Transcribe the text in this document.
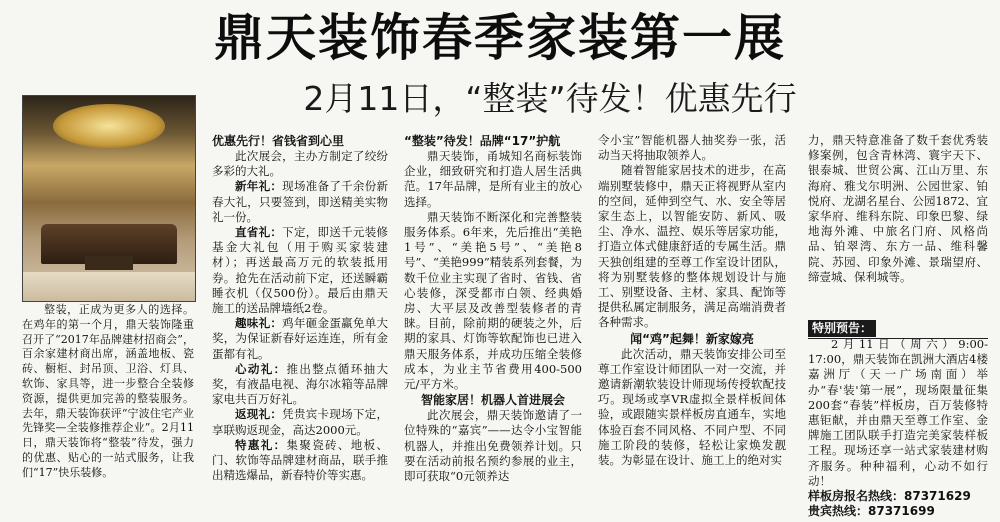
鼎天装饰春季家装第一展
2月11日，“整装”待发！优惠先行

整装，正成为更多人的选择。在鸡年的第一个月，鼎天装饰隆重召开了“2017年品牌建材招商会”，百余家建材商出席，涵盖地板、瓷砖、橱柜、封吊顶、卫浴、灯具、软饰、家具等，进一步整合全装修资源，提供更加完善的整装服务。去年，鼎天装饰获评“宁波住宅产业先锋奖—全装修推荐企业”。2月11日，鼎天装饰将“整装”待发，强力的优惠、贴心的一站式服务，让我们“17”快乐装修。

优惠先行！省钱省到心里

此次展会，主办方制定了绞纷多彩的大礼。

新年礼：现场准备了千余份新春大礼，只要签到，即送精美实物礼一份。

直省礼：下定，即送千元装修基金大礼包（用于购买家装建材）；再送最高万元的软装抵用券。抢先在活动前下定，还送瞬霸睡衣机（仅500份）。最后由鼎天施工的送品牌墙纸2卷。

趣味礼：鸡年砸金蛋赢免单大奖，为保证新春好运连连，所有金蛋都有礼。

心动礼：推出整点循环抽大奖，有液晶电视、海尔冰箱等品牌家电共百万好礼。

返现礼：凭贵宾卡现场下定，享联购返现金，高达2000元。

特惠礼：集聚瓷砖、地板、门、软饰等品牌建材商品，联手推出精选爆品，新春特价等实惠。

“整装”待发！品牌“17”护航

鼎天装饰，甬城知名商标装饰企业，细致研究和打造人居生活典范。17年品牌，是所有业主的放心选择。

鼎天装饰不断深化和完善整装服务体系。6年来，先后推出“美艳1号”、“美艳5号”、“美艳8号”、“美艳999”精装系列套餐，为数千位业主实现了省时、省钱、省心装修，深受都市白领、经典婚房、大平层及改善型装修者的青睐。目前，除前期的硬装之外，后期的家具、灯饰等软配饰也已进入鼎天服务体系，并成功压缩全装修成本，为业主节省费用400-500元/平方米。

智能家居！机器人首进展会

此次展会，鼎天装饰邀请了一位特殊的“嘉宾”——达令小宝智能机器人，并推出免费领养计划。只要在活动前报名预约参展的业主，即可获取“0元领养达

令小宝”智能机器人抽奖券一张，活动当天将抽取领养人。

随着智能家居技术的进步，在高端别墅装修中，鼎天正将视野从室内的空间，延伸到空气、水、安全等居家生态上，以智能安防、新风、吸尘、净水、温控、娱乐等居家功能，打造立体式健康舒适的专属生活。鼎天独创组建的至尊工作室设计团队，将为别墅装修的整体规划设计与施工、别墅设备、主材、家具、配饰等提供私属定制服务，满足高端消费者各种需求。

闻“鸡”起舞！新家嫁亮

此次活动，鼎天装饰安排公司至尊工作室设计师团队一对一交流，并邀请新潮软装设计师现场传授软配技巧。现场或享VR虚拟全景样板间体验，或跟随实景样板房直通车，实地体验百套不同风格、不同户型、不同施工阶段的装修，轻松让家焕发靓装。为彰显在设计、施工上的绝对实

力，鼎天特意准备了数千套优秀装修案例，包含青林湾、寰宇天下、银泰城、世贸公寓、江山万里、东海府、雅戈尔明洲、公园世家、铂悦府、龙湖名星台、公园1872、宜家华府、维科东院、印象巴黎、绿地海外滩、中旅名门府、风格尚品、铂翠湾、东方一品、维科馨院、苏园、印象外滩、景瑞望府、缔壹城、保利城等。

特别预告：

2月11日（周六）9:00-17:00，鼎天装饰在凯洲大酒店4楼嘉洲厅（天一广场南面）举办“春'装'第一展”，现场限量征集200套“春装”样板房，百万装修特惠钜献，并由鼎天至尊工作室、金牌施工团队联手打造完美家装样板工程。现场还享一站式家装建材购齐服务。种种福利，心动不如行动！

样板房报名热线：87371629
贵宾热线：87371699
